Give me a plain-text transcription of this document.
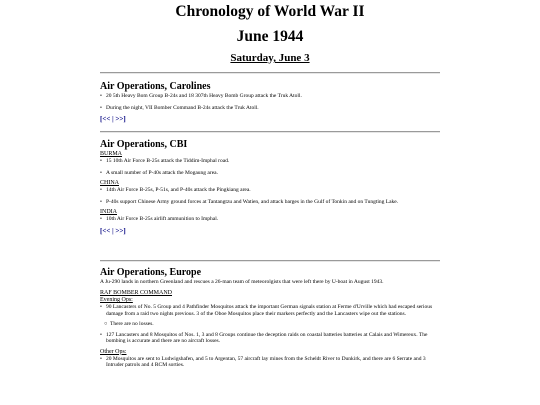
Chronology of World War II
June 1944
Saturday, June 3
Air Operations, Carolines
• 20 5th Heavy Bom Group B-24s and 18 307th Heavy Bomb Group attack the Truk Atoll.
• During the night, VII Bomber Command B-24s attack the Truk Atoll.
[<< | >>]
Air Operations, CBI
BURMA
• 15 10th Air Force B-25s attack the Tiddim-Imphal road.
• A small number of P-40s attack the Mogaung area.
CHINA
• 14th Air Force B-25s, P-51s, and P-40s attack the Pingkiang area.
• P-40s support Chinese Army ground forces at Tantangtzu and Watien, and attack barges in the Gulf of Tonkin and on Tungting Lake.
INDIA
• 10th Air Force B-25s airlift ammunition to Imphal.
[<< | >>]
Air Operations, Europe

A Ju-290 lands in northern Greenland and rescues a 26-man team of meteorolgists that were left there by U-boat in August 1943.

RAF BOMBER COMMAND
Evening Ops:
• 90 Lancasters of No. 5 Group and 4 Pathfinder Mosquitos attack the important German signals station at Ferme d'Urville which had escaped serious damage from a raid two nights previous. 3 of the Oboe Mosquitos place their markers perfectly and the Lancasters wipe out the stations.
○ There are no losses.
• 127 Lancasters and 8 Mosquitos of Nos. 1, 3 and 8 Groups continue the deception raids on coastal batteries batteries at Calais and Wimereux. The bombing is accurate and there are no aircraft losses.
Other Ops:
• 20 Mosquitos are sent to Ludwigshafen, and 5 to Argentan, 57 aircraft lay mines from the Scheldt River to Dunkirk, and there are 6 Serrate and 3 Intruder patrols and 4 RCM sorties.
